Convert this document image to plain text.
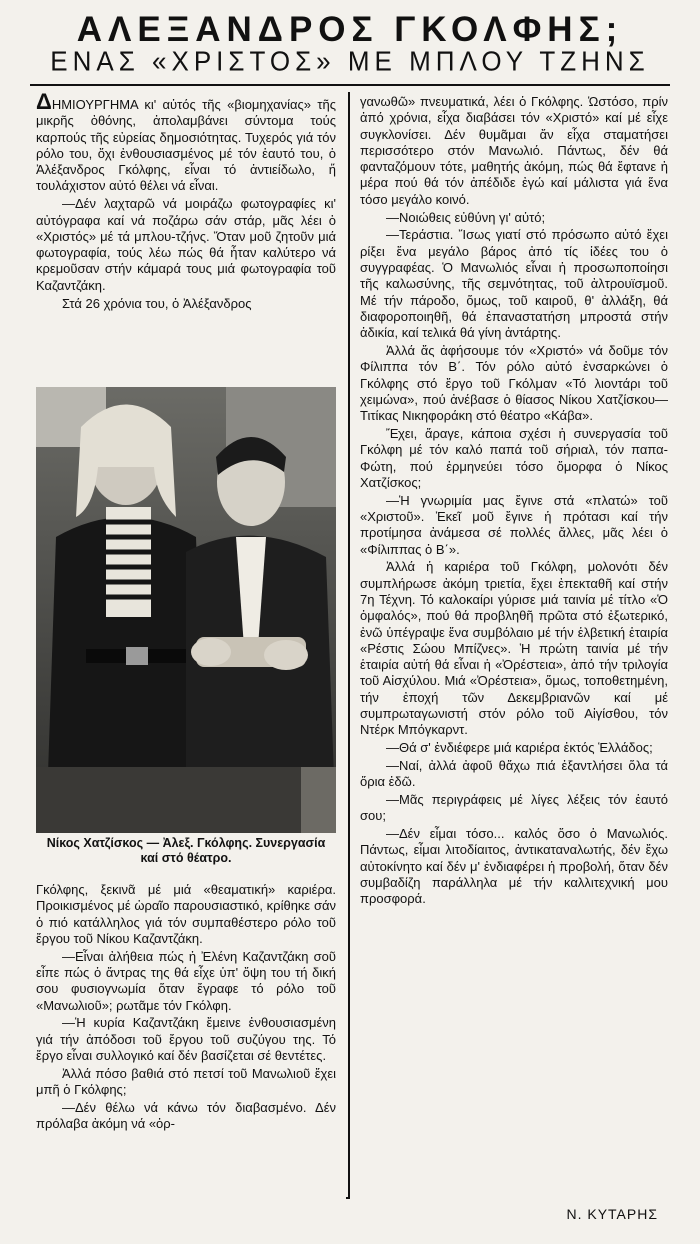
ΑΛΕΞΑΝΔΡΟΣ ΓΚΟΛΦΗΣ;
ΕΝΑΣ «ΧΡΙΣΤΟΣ» ΜΕ ΜΠΛΟΥ ΤΖΗΝΣ

ΔΗΜΙΟΥΡΓΗΜΑ κι' αὐτός τῆς «βιομηχανίας» τῆς μικρῆς ὀθόνης, ἀπολαμβάνει σύντομα τούς καρπούς τῆς εὐρείας δημοσιότητας. Τυχερός γιά τόν ρόλο του, ὄχι ἐνθουσιασμένος μέ τόν ἑαυτό του, ὁ Ἀλέξανδρος Γκόλφης, εἶναι τό ἀντιείδωλο, ἤ τουλάχιστον αὐτό θέλει νά εἶναι.

—Δέν λαχταρῶ νά μοιράζω φωτογραφίες κι' αὐτόγραφα καί νά ποζάρω σάν στάρ, μᾶς λέει ὁ «Χριστός» μέ τά μπλου-τζήνς. Ὅταν μοῦ ζητοῦν μιά φωτογραφία, τούς λέω πώς θά ἦταν καλύτερο νά κρεμοῦσαν στήν κάμαρά τους μιά φωτογραφία τοῦ Καζαντζάκη.

Στά 26 χρόνια του, ὁ Ἀλέξανδρος

Νίκος Χατζίσκος — Ἀλεξ. Γκόλφης. Συνεργασία καί στό θέατρο.

Γκόλφης, ξεκινᾶ μέ μιά «θεαματική» καριέρα. Προικισμένος μέ ὡραῖο παρουσιαστικό, κρίθηκε σάν ὁ πιό κατάλληλος γιά τόν συμπαθέστερο ρόλο τοῦ ἔργου τοῦ Νίκου Καζαντζάκη.

—Εἶναι ἀλήθεια πώς ἡ Ἐλένη Καζαντζάκη σοῦ εἶπε πώς ὁ ἄντρας της θά εἶχε ὑπ' ὄψη του τή δική σου φυσιογνωμία ὅταν ἔγραφε τό ρόλο τοῦ «Μανωλιοῦ»; ρωτᾶμε τόν Γκόλφη.

—Ἡ κυρία Καζαντζάκη ἔμεινε ἐνθουσιασμένη γιά τήν ἀπόδοσι τοῦ ἔργου τοῦ συζύγου της. Τό ἔργο εἶναι συλλογικό καί δέν βασίζεται σέ θεντέτες.

Ἀλλά πόσο βαθιά στό πετσί τοῦ Μανωλιοῦ ἔχει μπῆ ὁ Γκόλφης;

—Δέν θέλω νά κάνω τόν διαβασμένο. Δέν πρόλαβα ἀκόμη νά «ὀρ-

γανωθῶ» πνευματικά, λέει ὁ Γκόλφης. Ὡστόσο, πρίν ἀπό χρόνια, εἶχα διαβάσει τόν «Χριστό» καί μέ εἶχε συγκλονίσει. Δέν θυμᾶμαι ἄν εἶχα σταματήσει περισσότερο στόν Μανωλιό. Πάντως, δέν θά φανταζόμουν τότε, μαθητής ἀκόμη, πώς θά ἔφτανε ἡ μέρα πού θά τόν ἀπέδιδε ἐγώ καί μάλιστα γιά ἕνα τόσο μεγάλο κοινό.

—Νοιώθεις εὐθύνη γι' αὐτό;

—Τεράστια. Ἴσως γιατί στό πρόσωπο αὐτό ἔχει ρίξει ἕνα μεγάλο βάρος ἀπό τίς ἰδέες του ὁ συγγραφέας. Ὁ Μανωλιός εἶναι ἡ προσωποποίησι τῆς καλωσύνης, τῆς σεμνότητας, τοῦ ἀλτρουϊσμοῦ. Μέ τήν πάροδο, ὅμως, τοῦ καιροῦ, θ' ἀλλάξη, θά διαφοροποιηθῆ, θά ἐπαναστατήση μπροστά στήν ἀδικία, καί τελικά θά γίνη ἀντάρτης.

Ἀλλά ἄς ἀφήσουμε τόν «Χριστό» νά δοῦμε τόν Φίλιππα τόν Β΄. Τόν ρόλο αὐτό ἐνσαρκώνει ὁ Γκόλφης στό ἔργο τοῦ Γκόλμαν «Τό λιοντάρι τοῦ χειμώνα», πού ἀνέβασε ὁ θίασος Νίκου Χατζίσκου—Τιτίκας Νικηφοράκη στό θέατρο «Κάβα».

Ἔχει, ἄραγε, κάποια σχέσι ἡ συνεργασία τοῦ Γκόλφη μέ τόν καλό παπά τοῦ σήριαλ, τόν παπα-Φώτη, πού ἑρμηνεύει τόσο ὄμορφα ὁ Νίκος Χατζίσκος;

—Ἡ γνωριμία μας ἔγινε στά «πλατώ» τοῦ «Χριστοῦ». Ἐκεῖ μοῦ ἔγινε ἡ πρότασι καί τήν προτίμησα ἀνάμεσα σέ πολλές ἄλλες, μᾶς λέει ὁ «Φίλιππας ὁ Β΄».

Ἀλλά ἡ καριέρα τοῦ Γκόλφη, μολονότι δέν συμπλήρωσε ἀκόμη τριετία, ἔχει ἐπεκταθῆ καί στήν 7η Τέχνη. Τό καλοκαίρι γύρισε μιά ταινία μέ τίτλο «Ὁ ὀμφαλός», πού θά προβληθῆ πρῶτα στό ἐξωτερικό, ἐνῶ ὑπέγραψε ἕνα συμβόλαιο μέ τήν ἑλβετική ἑταιρία «Ρέστις Σώου Μπίζνες». Ἡ πρώτη ταινία μέ τήν ἑταιρία αὐτή θά εἶναι ἡ «Ὀρέστεια», ἀπό τήν τριλογία τοῦ Αἰσχύλου. Μιά «Ὀρέστεια», ὅμως, τοποθετημένη, τήν ἐποχή τῶν Δεκεμβριανῶν καί μέ συμπρωταγωνιστή στόν ρόλο τοῦ Αἰγίσθου, τόν Ντέρκ Μπόγκαρντ.

—Θά σ' ἐνδιέφερε μιά καριέρα ἐκτός Ἑλλάδος;

—Ναί, ἀλλά ἀφοῦ θἄχω πιά ἐξαντλήσει ὅλα τά ὅρια ἐδῶ.

—Μᾶς περιγράφεις μέ λίγες λέξεις τόν ἑαυτό σου;

—Δέν εἶμαι τόσο... καλός ὅσο ὁ Μανωλιός. Πάντως, εἶμαι λιτοδίαιτος, ἀντικαταναλωτής, δέν ἔχω αὐτοκίνητο καί δέν μ' ἐνδιαφέρει ἡ προβολή, ὅταν δέν συμβαδίζη παράλληλα μέ τήν καλλιτεχνική μου προσφορά.

Ν. ΚΥΤΑΡΗΣ
